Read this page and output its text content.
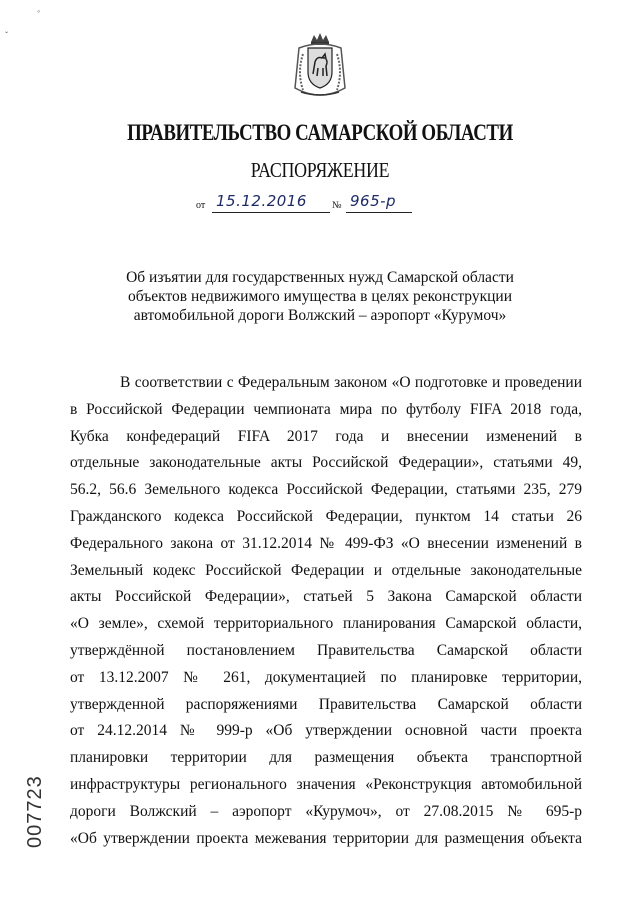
◦
ˇ
ПРАВИТЕЛЬСТВО САМАРСКОЙ ОБЛАСТИ
РАСПОРЯЖЕНИЕ
от 15.12.2016	№ 965-р
Об изъятии для государственных нужд Самарской области
объектов недвижимого имущества в целях реконструкции
автомобильной дороги Волжский – аэропорт «Курумоч»
В соответствии с Федеральным законом «О подготовке и проведении
в Российской Федерации чемпионата мира по футболу FIFA 2018 года,
Кубка конфедераций FIFA 2017 года и внесении изменений в
отдельные законодательные акты Российской Федерации», статьями 49,
56.2, 56.6 Земельного кодекса Российской Федерации, статьями 235, 279
Гражданского кодекса Российской Федерации, пунктом 14 статьи 26
Федерального закона от 31.12.2014 № 499-ФЗ «О внесении изменений в
Земельный кодекс Российской Федерации и отдельные законодательные
акты Российской Федерации», статьей 5 Закона Самарской области
«О земле», схемой территориального планирования Самарской области,
утверждённой постановлением Правительства Самарской области
от 13.12.2007 № 261, документацией по планировке территории,
утвержденной распоряжениями Правительства Самарской области
от 24.12.2014 № 999-р «Об утверждении основной части проекта
планировки территории для размещения объекта транспортной
инфраструктуры регионального значения «Реконструкция автомобильной
дороги Волжский – аэропорт «Курумоч», от 27.08.2015 № 695-р
«Об утверждении проекта межевания территории для размещения объекта
007723
